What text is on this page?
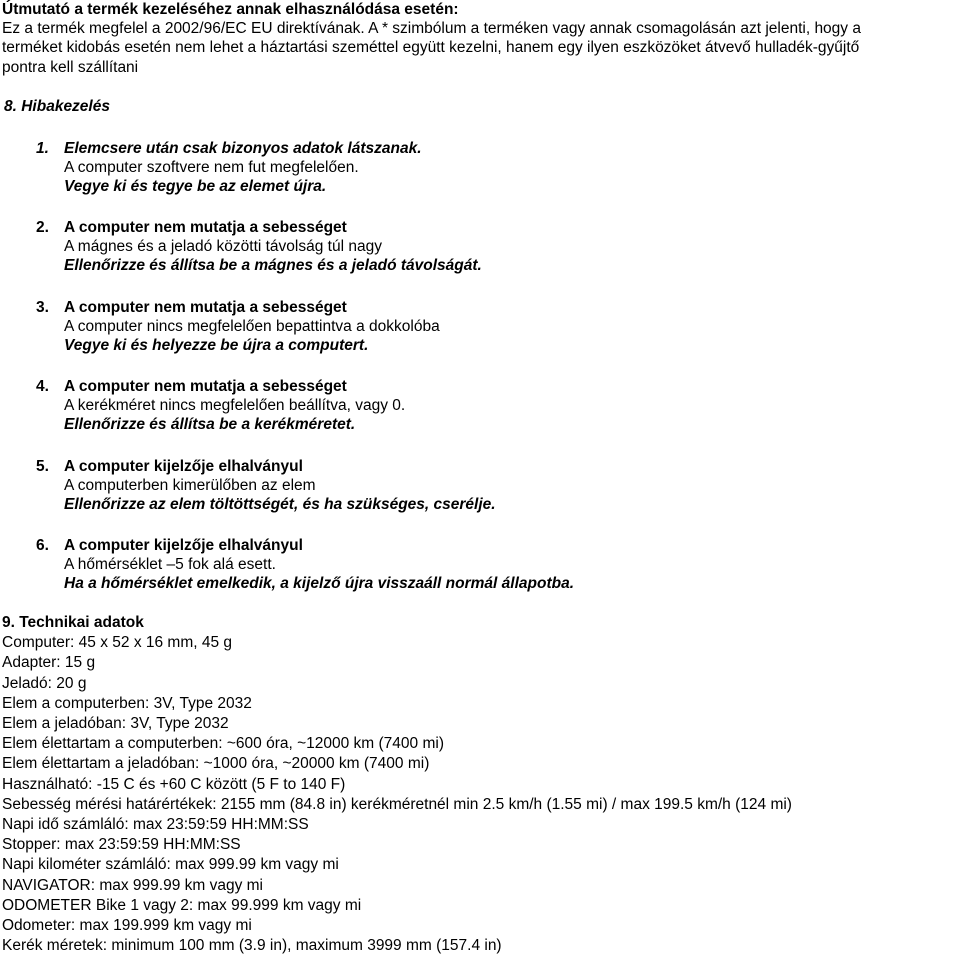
Útmutató a termék kezeléséhez annak elhasználódása esetén:
Ez a termék megfelel a 2002/96/EC EU direktívának. A * szimbólum a terméken vagy annak csomagolásán azt jelenti, hogy a
terméket kidobás esetén nem lehet a háztartási szeméttel együtt kezelni, hanem egy ilyen eszközöket átvevő hulladék-gyűjtő
pontra kell szállítani
8. Hibakezelés
1. Elemcsere után csak bizonyos adatok látszanak.
A computer szoftvere nem fut megfelelően.
Vegye ki és tegye be az elemet újra.
2. A computer nem mutatja a sebességet
A mágnes és a jeladó közötti távolság túl nagy
Ellenőrizze és állítsa be a mágnes és a jeladó távolságát.
3. A computer nem mutatja a sebességet
A computer nincs megfelelően bepattintva a dokkolóba
Vegye ki és helyezze be újra a computert.
4. A computer nem mutatja a sebességet
A kerékméret nincs megfelelően beállítva, vagy 0.
Ellenőrizze és állítsa be a kerékméretet.
5. A computer kijelzője elhalványul
A computerben kimerülőben az elem
Ellenőrizze az elem töltöttségét, és ha szükséges, cserélje.
6. A computer kijelzője elhalványul
A hőmérséklet –5 fok alá esett.
Ha a hőmérséklet emelkedik, a kijelző újra visszaáll normál állapotba.
9. Technikai adatok
Computer: 45 x 52 x 16 mm, 45 g
Adapter: 15 g
Jeladó: 20 g
Elem a computerben: 3V, Type 2032
Elem a jeladóban: 3V, Type 2032
Elem élettartam a computerben: ~600 óra, ~12000 km (7400 mi)
Elem élettartam a jeladóban: ~1000 óra, ~20000 km (7400 mi)
Használható: -15 C és +60 C között (5 F to 140 F)
Sebesség mérési határértékek: 2155 mm (84.8 in) kerékméretnél min 2.5 km/h (1.55 mi) / max 199.5 km/h (124 mi)
Napi idő számláló: max 23:59:59 HH:MM:SS
Stopper: max 23:59:59 HH:MM:SS
Napi kilométer számláló: max 999.99 km vagy mi
NAVIGATOR: max 999.99 km vagy mi
ODOMETER Bike 1 vagy 2: max 99.999 km vagy mi
Odometer: max 199.999 km vagy mi
Kerék méretek: minimum 100 mm (3.9 in), maximum 3999 mm (157.4 in)
